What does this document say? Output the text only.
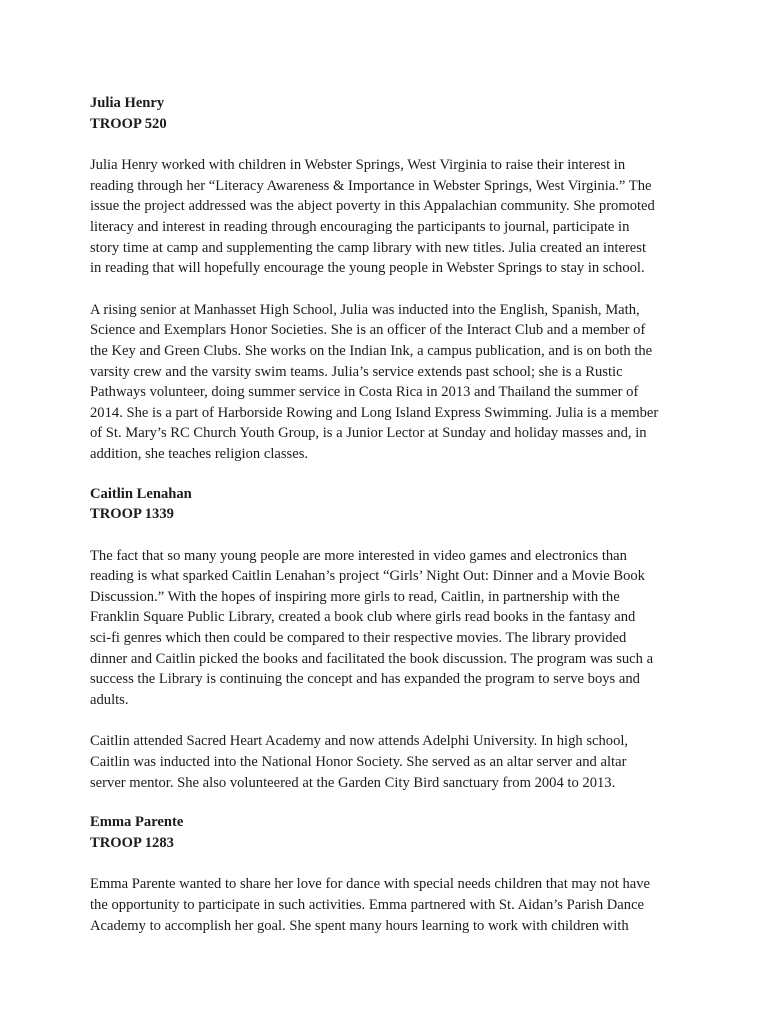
Julia Henry
TROOP 520

Julia Henry worked with children in Webster Springs, West Virginia to raise their interest in
reading through her “Literacy Awareness & Importance in Webster Springs, West Virginia.” The
issue the project addressed was the abject poverty in this Appalachian community. She promoted
literacy and interest in reading through encouraging the participants to journal, participate in
story time at camp and supplementing the camp library with new titles. Julia created an interest
in reading that will hopefully encourage the young people in Webster Springs to stay in school.

A rising senior at Manhasset High School, Julia was inducted into the English, Spanish, Math,
Science and Exemplars Honor Societies. She is an officer of the Interact Club and a member of
the Key and Green Clubs. She works on the Indian Ink, a campus publication, and is on both the
varsity crew and the varsity swim teams. Julia’s service extends past school; she is a Rustic
Pathways volunteer, doing summer service in Costa Rica in 2013 and Thailand the summer of
2014. She is a part of Harborside Rowing and Long Island Express Swimming. Julia is a member
of St. Mary’s RC Church Youth Group, is a Junior Lector at Sunday and holiday masses and, in
addition, she teaches religion classes.

Caitlin Lenahan
TROOP 1339

The fact that so many young people are more interested in video games and electronics than
reading is what sparked Caitlin Lenahan’s project “Girls’ Night Out: Dinner and a Movie Book
Discussion.” With the hopes of inspiring more girls to read, Caitlin, in partnership with the
Franklin Square Public Library, created a book club where girls read books in the fantasy and
sci-fi genres which then could be compared to their respective movies. The library provided
dinner and Caitlin picked the books and facilitated the book discussion. The program was such a
success the Library is continuing the concept and has expanded the program to serve boys and
adults.

Caitlin attended Sacred Heart Academy and now attends Adelphi University. In high school,
Caitlin was inducted into the National Honor Society. She served as an altar server and altar
server mentor. She also volunteered at the Garden City Bird sanctuary from 2004 to 2013.

Emma Parente
TROOP 1283

Emma Parente wanted to share her love for dance with special needs children that may not have
the opportunity to participate in such activities. Emma partnered with St. Aidan’s Parish Dance
Academy to accomplish her goal. She spent many hours learning to work with children with
